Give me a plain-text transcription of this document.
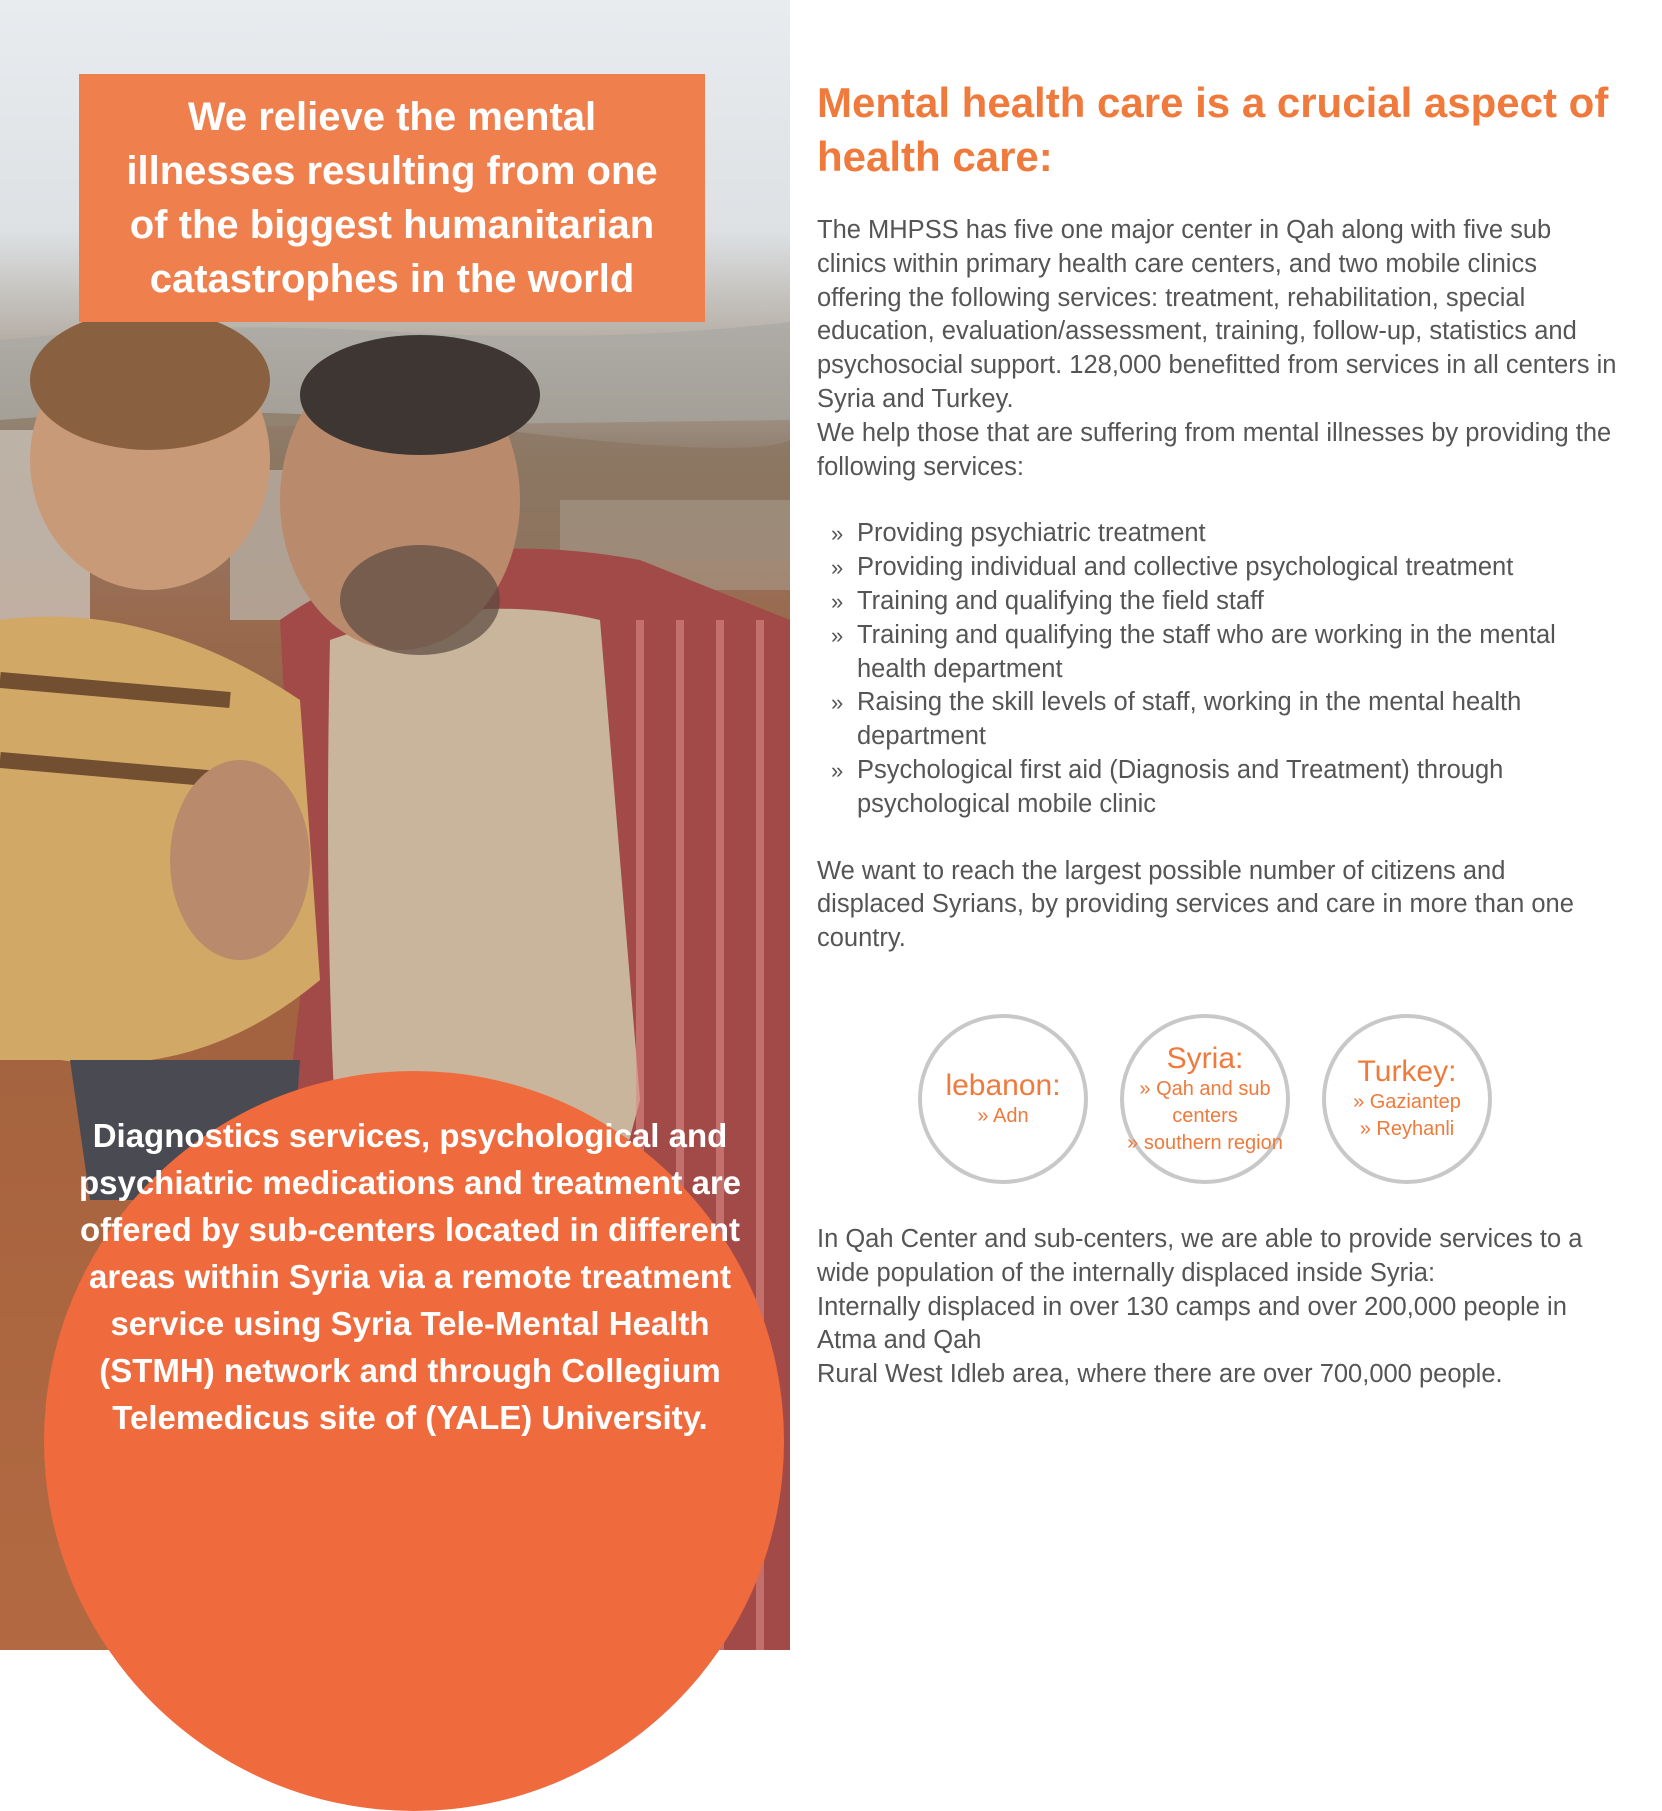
We relieve the mental illnesses resulting from one of the biggest humanitarian catastrophes in the world

Diagnostics services, psychological and psychiatric medications and treatment are offered by sub-centers located in different areas within Syria via a remote treatment service using Syria Tele-Mental Health (STMH) network and through Collegium Telemedicus site of (YALE) University.

Mental health care is a crucial aspect of health care:

The MHPSS has five one major center in Qah along with five sub clinics within primary health care centers, and two mobile clinics offering the following services: treatment, rehabilitation, special education, evaluation/assessment, training, follow-up, statistics and psychosocial support. 128,000 benefitted from services in all centers in Syria and Turkey.

We help those that are suffering from mental illnesses by providing the following services:

» Providing psychiatric treatment
» Providing individual and collective psychological treatment
» Training and qualifying the field staff
» Training and qualifying the staff who are working in the mental health department
» Raising the skill levels of staff, working in the mental health department
» Psychological first aid (Diagnosis and Treatment) through psychological mobile clinic

We want to reach the largest possible number of citizens and displaced Syrians, by providing services and care in more than one country.

lebanon:
» Adn
Syria:
» Qah and sub centers
» southern region
Turkey:
» Gaziantep
» Reyhanli

In Qah Center and sub-centers, we are able to provide services to a wide population of the internally displaced inside Syria:

Internally displaced in over 130 camps and over 200,000 people in Atma and Qah

Rural West Idleb area, where there are over 700,000 people.
